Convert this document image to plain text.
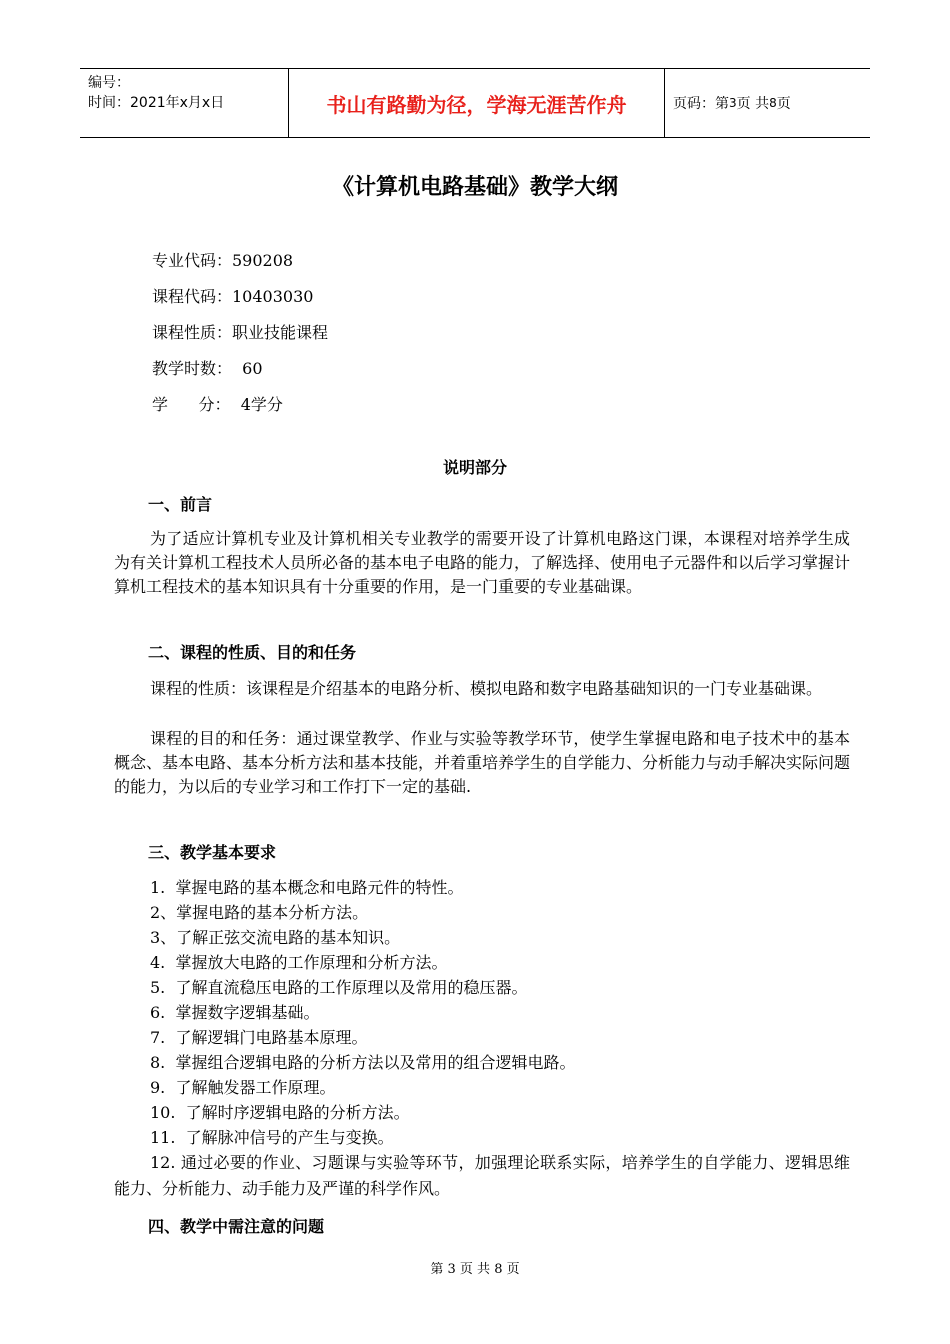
编号：
时间：2021年x月x日	书山有路勤为径，学海无涯苦作舟	页码：第 3 页 共 8 页
《计算机电路基础》教学大纲
专业代码：590208
课程代码：10403030
课程性质：职业技能课程
教学时数：  60
学      分：  4学分
说明部分
一、前言

为了适应计算机专业及计算机相关专业教学的需要开设了计算机电路这门课，本课程对培养学生成为有关计算机工程技术人员所必备的基本电子电路的能力，了解选择、使用电子元器件和以后学习掌握计算机工程技术的基本知识具有十分重要的作用，是一门重要的专业基础课。

二、课程的性质、目的和任务

课程的性质：该课程是介绍基本的电路分析、模拟电路和数字电路基础知识的一门专业基础课。

课程的目的和任务：通过课堂教学、作业与实验等教学环节，使学生掌握电路和电子技术中的基本概念、基本电路、基本分析方法和基本技能，并着重培养学生的自学能力、分析能力与动手解决实际问题的能力，为以后的专业学习和工作打下一定的基础.

三、教学基本要求
1.  掌握电路的基本概念和电路元件的特性。
2、掌握电路的基本分析方法。
3、了解正弦交流电路的基本知识。
4.  掌握放大电路的工作原理和分析方法。
5.  了解直流稳压电路的工作原理以及常用的稳压器。
6.  掌握数字逻辑基础。
7.  了解逻辑门电路基本原理。
8.  掌握组合逻辑电路的分析方法以及常用的组合逻辑电路。
9.  了解触发器工作原理。
10.  了解时序逻辑电路的分析方法。
11.  了解脉冲信号的产生与变换。

12. 通过必要的作业、习题课与实验等环节，加强理论联系实际，培养学生的自学能力、逻辑思维能力、分析能力、动手能力及严谨的科学作风。

四、教学中需注意的问题
第 3 页 共 8 页
